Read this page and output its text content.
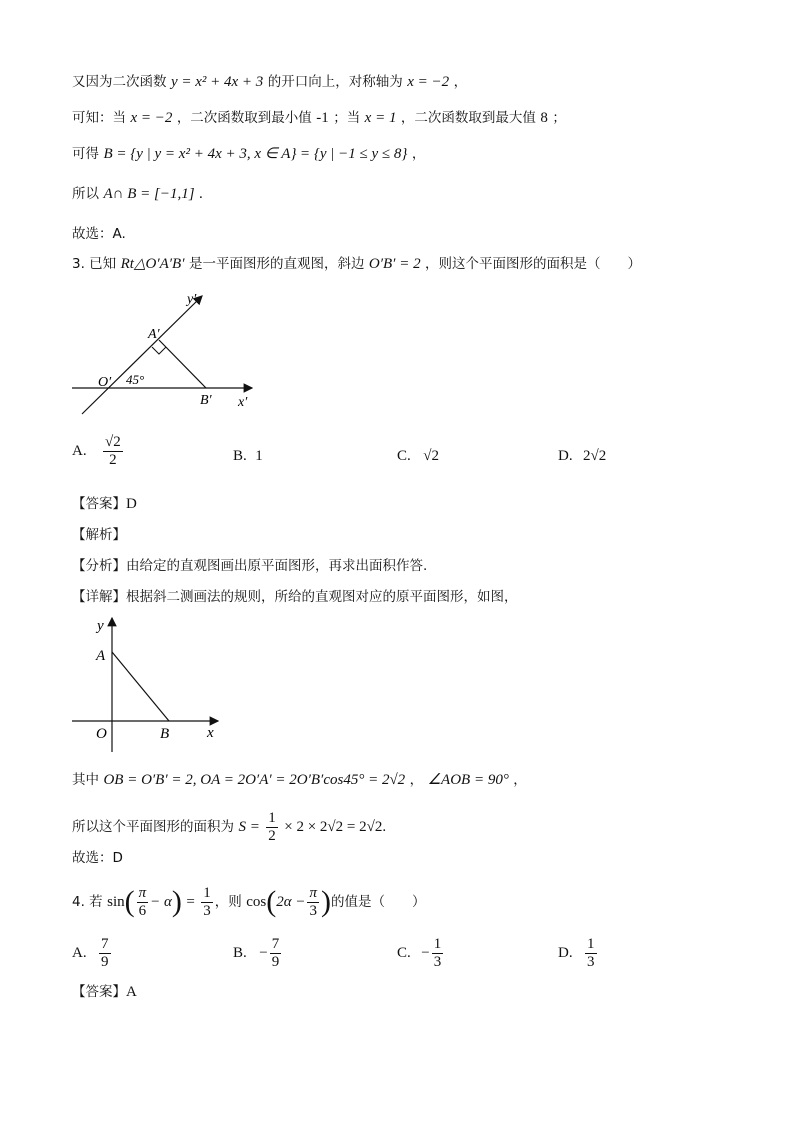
又因为二次函数 y = x² + 4x + 3 的开口向上，对称轴为 x = −2 ，
可知：当 x = −2 ，二次函数取到最小值 -1 ；当 x = 1 ，二次函数取到最大值 8 ；
可得 B = {y | y = x² + 4x + 3, x ∈ A} = {y | −1 ≤ y ≤ 8} ，
所以 A∩ B = [−1,1] .
故选：A.
3. 已知 Rt△O′A′B′ 是一平面图形的直观图，斜边 O′B′ = 2 ，则这个平面图形的面积是（　　）
y′
A′
O′ 45°
B′ x′
A. $\frac{√2}{2}$	B. 1	C. √2	D. 2√2
【答案】D
【解析】
【分析】由给定的直观图画出原平面图形，再求出面积作答.
【详解】根据斜二测画法的规则，所给的直观图对应的原平面图形，如图，
y
A
O	B	x
其中 OB = O′B′ = 2, OA = 2O′A′ = 2O′B′cos45° = 2√2 ， ∠AOB = 90° ，
所以这个平面图形的面积为 $S = \frac{1}{2} \times 2 \times 2√2 = 2√2$.
故选：D
4. 若 $\sin( \frac{\pi}{6} - \alpha) = \frac{1}{3}$ ，则 $\cos(2\alpha - \frac{\pi}{3}$ )的值是（　　）
A. $\frac{7}{9}$	B. − $\frac{7}{9}$	C. − $\frac{1}{3}$	D. $\frac{1}{3}$
【答案】A
